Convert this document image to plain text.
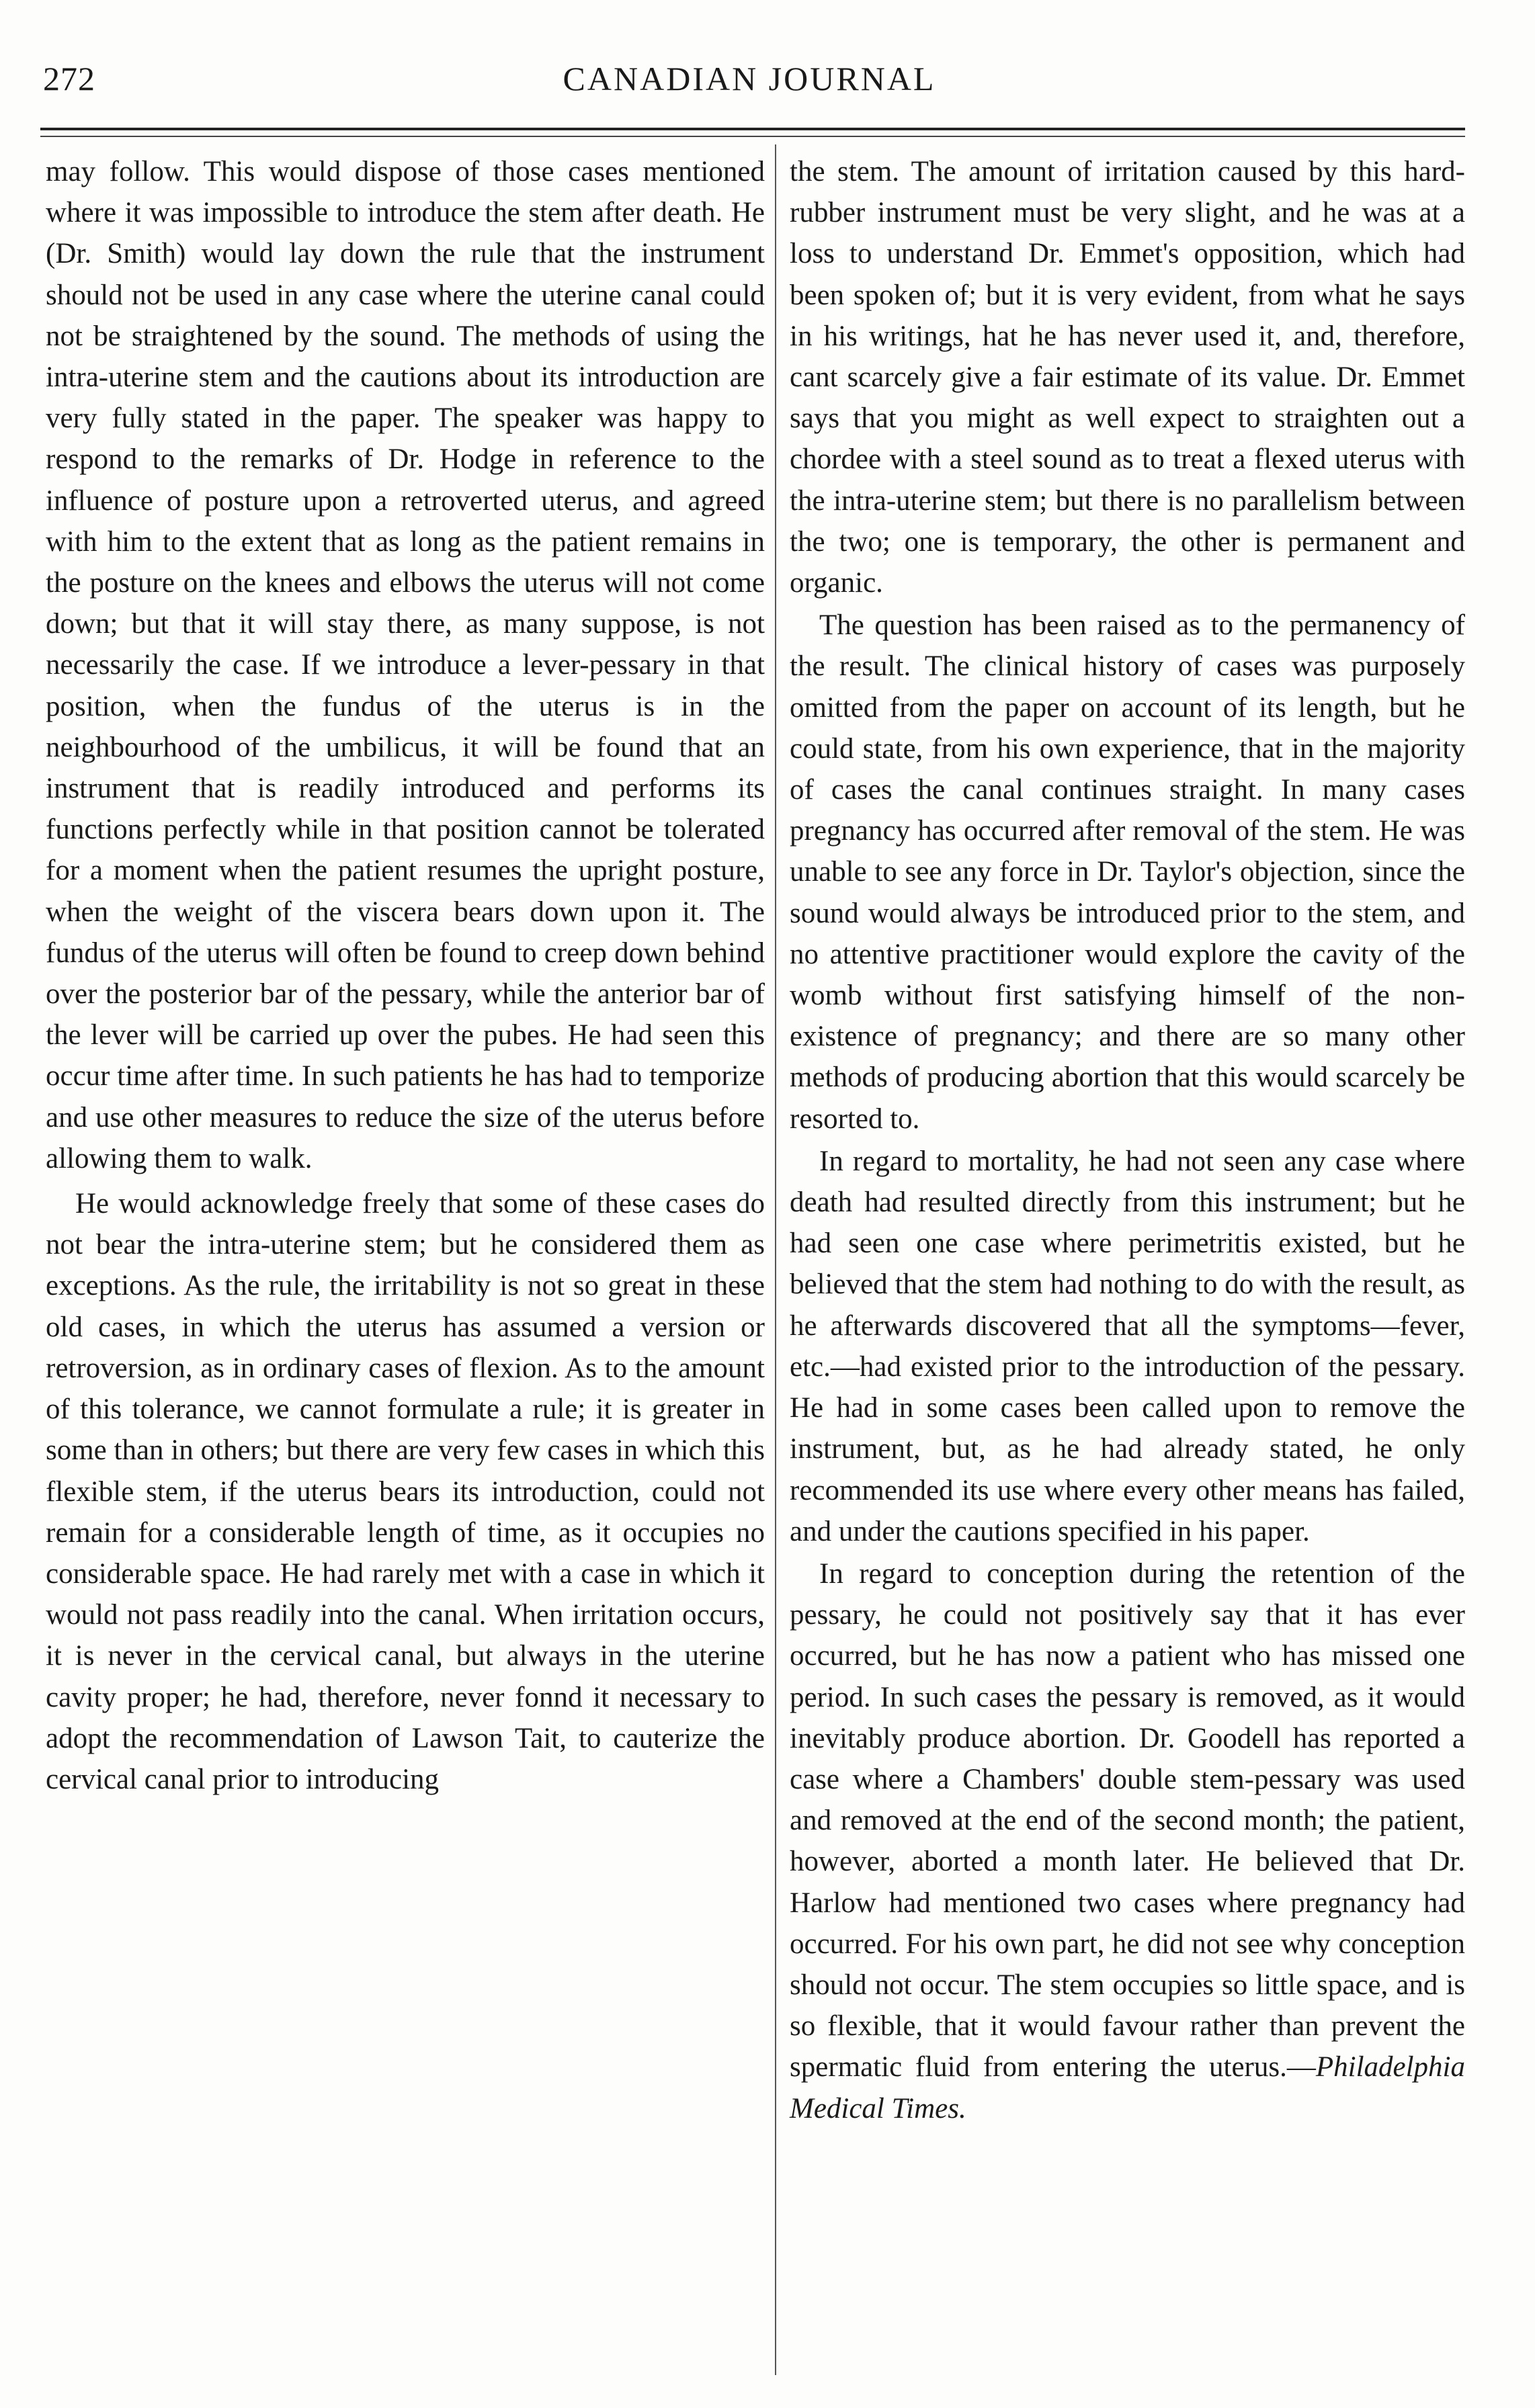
272	CANADIAN JOURNAL

may follow. This would dispose of those cases mentioned where it was impossible to introduce the stem after death. He (Dr. Smith) would lay down the rule that the instrument should not be used in any case where the uterine canal could not be straightened by the sound. The methods of using the intra-uterine stem and the cautions about its introduction are very fully stated in the paper. The speaker was happy to respond to the remarks of Dr. Hodge in reference to the influence of posture upon a retroverted uterus, and agreed with him to the extent that as long as the patient remains in the posture on the knees and elbows the uterus will not come down; but that it will stay there, as many suppose, is not necessarily the case. If we introduce a lever-pessary in that position, when the fundus of the uterus is in the neighbourhood of the umbilicus, it will be found that an instrument that is readily introduced and performs its functions perfectly while in that position cannot be tolerated for a moment when the patient resumes the upright posture, when the weight of the viscera bears down upon it. The fundus of the uterus will often be found to creep down behind over the posterior bar of the pessary, while the anterior bar of the lever will be carried up over the pubes. He had seen this occur time after time. In such patients he has had to temporize and use other measures to reduce the size of the uterus before allowing them to walk.

He would acknowledge freely that some of these cases do not bear the intra-uterine stem; but he considered them as exceptions. As the rule, the irritability is not so great in these old cases, in which the uterus has assumed a version or retroversion, as in ordinary cases of flexion. As to the amount of this tolerance, we cannot formulate a rule; it is greater in some than in others; but there are very few cases in which this flexible stem, if the uterus bears its introduction, could not remain for a considerable length of time, as it occupies no considerable space. He had rarely met with a case in which it would not pass readily into the canal. When irritation occurs, it is never in the cervical canal, but always in the uterine cavity proper; he had, therefore, never fonnd it necessary to adopt the recommendation of Lawson Tait, to cauterize the cervical canal prior to introducing

the stem. The amount of irritation caused by this hard-rubber instrument must be very slight, and he was at a loss to understand Dr. Emmet's opposition, which had been spoken of; but it is very evident, from what he says in his writings, hat he has never used it, and, therefore, cant scarcely give a fair estimate of its value. Dr. Emmet says that you might as well expect to straighten out a chordee with a steel sound as to treat a flexed uterus with the intra-uterine stem; but there is no parallelism between the two; one is temporary, the other is permanent and organic.

The question has been raised as to the permanency of the result. The clinical history of cases was purposely omitted from the paper on account of its length, but he could state, from his own experience, that in the majority of cases the canal continues straight. In many cases pregnancy has occurred after removal of the stem. He was unable to see any force in Dr. Taylor's objection, since the sound would always be introduced prior to the stem, and no attentive practitioner would explore the cavity of the womb without first satisfying himself of the non-existence of pregnancy; and there are so many other methods of producing abortion that this would scarcely be resorted to.

In regard to mortality, he had not seen any case where death had resulted directly from this instrument; but he had seen one case where perimetritis existed, but he believed that the stem had nothing to do with the result, as he afterwards discovered that all the symptoms—fever, etc.—had existed prior to the introduction of the pessary. He had in some cases been called upon to remove the instrument, but, as he had already stated, he only recommended its use where every other means has failed, and under the cautions specified in his paper.

In regard to conception during the retention of the pessary, he could not positively say that it has ever occurred, but he has now a patient who has missed one period. In such cases the pessary is removed, as it would inevitably produce abortion. Dr. Goodell has reported a case where a Chambers' double stem-pessary was used and removed at the end of the second month; the patient, however, aborted a month later. He believed that Dr. Harlow had mentioned two cases where pregnancy had occurred. For his own part, he did not see why conception should not occur. The stem occupies so little space, and is so flexible, that it would favour rather than prevent the spermatic fluid from entering the uterus.—Philadelphia Medical Times.
